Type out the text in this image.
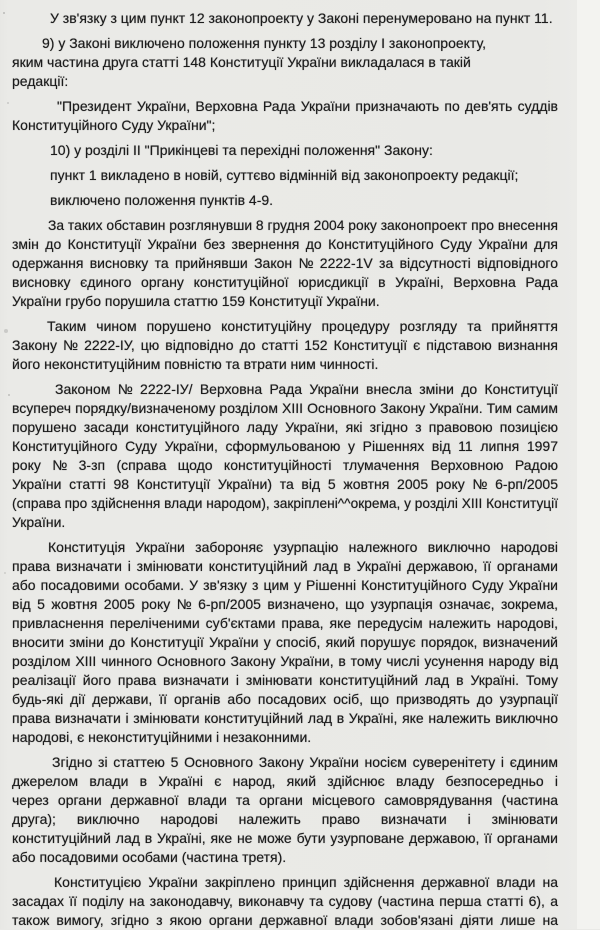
У зв'язку з цим пункт 12 законопроекту у Законі перенумеровано на пункт 11.
9) у Законі виключено положення пункту 13 розділу І законопроекту,
яким частина друга статті 148 Конституції України викладалася в такій
редакції:
"Президент України, Верховна Рада України призначають по дев'ять суддів
Конституційного Суду України";
10) у розділі ІІ "Прикінцеві та перехідні положення" Закону:
пункт 1 викладено в новій, суттєво відмінній від законопроекту редакції;
виключено положення пунктів 4-9.
За таких обставин розглянувши 8 грудня 2004 року законопроект про внесення
змін до Конституції України без звернення до Конституційного Суду України для
одержання висновку та прийнявши Закон № 2222-1V за відсутності відповідного
висновку єдиного органу конституційної юрисдикції в Україні, Верховна Рада
України грубо порушила статтю 159 Конституції України.
Таким чином порушено конституційну процедуру розгляду та прийняття
Закону № 2222-ІУ, цю відповідно до статті 152 Конституції є підставою визнання
його неконституційним повністю та втрати ним чинності.
Законом № 2222-ІУ/ Верховна Рада України внесла зміни до Конституції
всупереч порядку/визначеному розділом ХІІІ Основного Закону України. Тим самим
порушено засади конституційного ладу України, які згідно з правовою позицією
Конституційного Суду України, сформульованою у Рішеннях від 11 липня 1997
року № 3-зп (справа щодо конституційності тлумачення Верховною Радою
України статті 98 Конституції України) та від 5 жовтня 2005 року № 6-рп/2005
(справа про здійснення влади народом), закріплені^^окрема, у розділі XIII Конституції
України.
Конституція України забороняє узурпацію належного виключно народові
права визначати і змінювати конституційний лад в Україні державою, її органами
або посадовими особами. У зв'язку з цим у Рішенні Конституційного Суду України
від 5 жовтня 2005 року № 6-рп/2005 визначено, що узурпація означає, зокрема,
привласнення переліченими суб'єктами права, яке передусім належить народові,
вносити зміни до Конституції України у спосіб, який порушує порядок, визначений
розділом XIII чинного Основного Закону України, в тому числі усунення народу від
реалізації його права визначати і змінювати конституційний лад в Україні. Тому
будь-які дії держави, її органів або посадових осіб, що призводять до узурпації
права визначати і змінювати конституційний лад в Україні, яке належить виключно
народові, є неконституційними і незаконними.
Згідно зі статтею 5 Основного Закону України носієм суверенітету і єдиним
джерелом влади в Україні є народ, який здійснює владу безпосередньо і
через органи державної влади та органи місцевого самоврядування (частина
друга); виключно народові належить право визначати і змінювати
конституційний лад в Україні, яке не може бути узурповане державою, її органами
або посадовими особами (частина третя).
Конституцією України закріплено принцип здійснення державної влади на
засадах її поділу на законодавчу, виконавчу та судову (частина перша статті 6), а
також вимогу, згідно з якою органи державної влади зобов'язані діяти лише на
